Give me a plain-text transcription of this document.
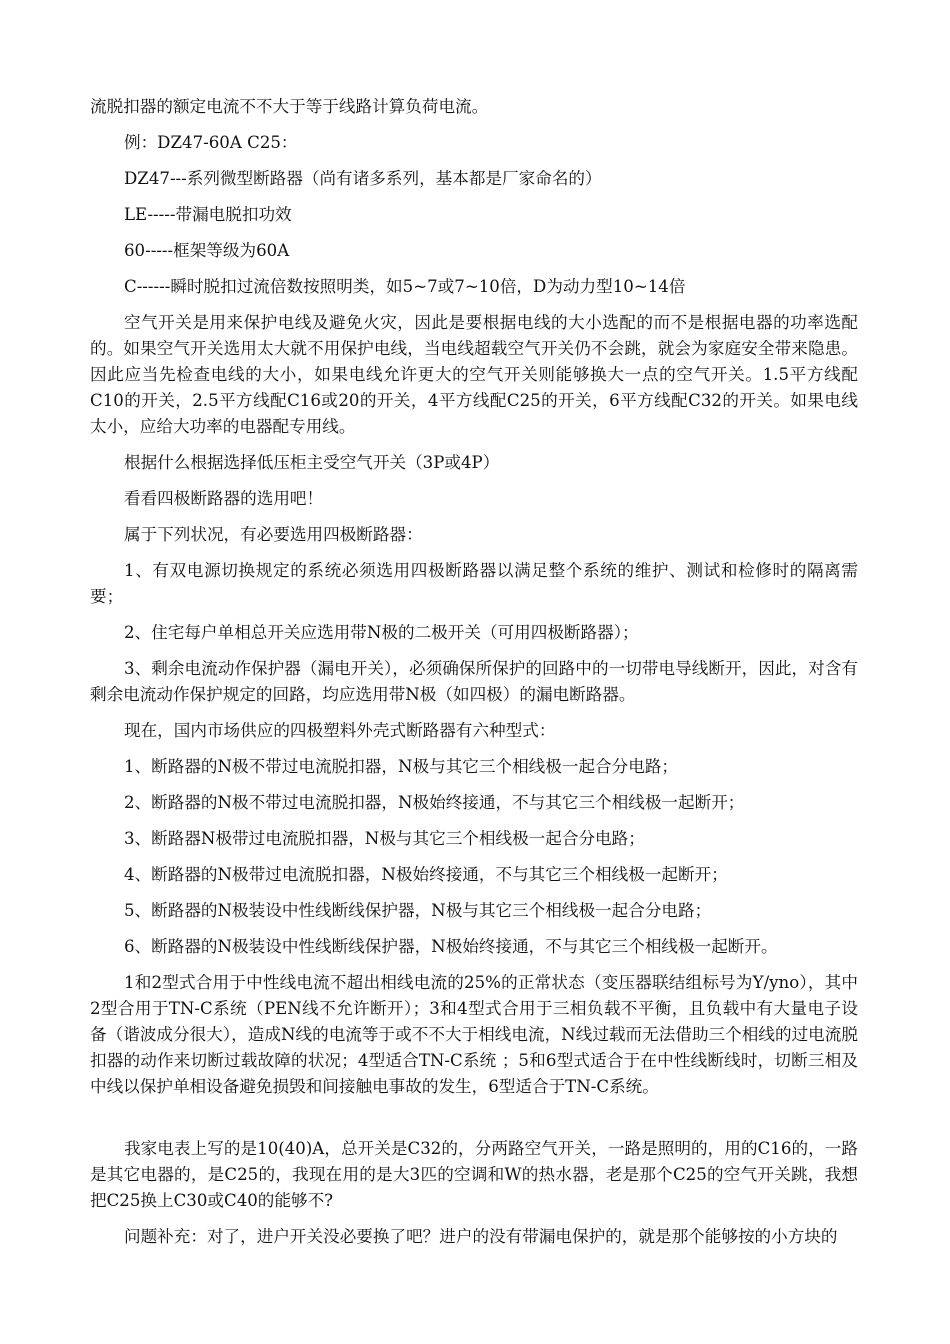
流脱扣器的额定电流不不大于等于线路计算负荷电流。

例：DZ47-60A C25：

DZ47---系列微型断路器（尚有诸多系列，基本都是厂家命名的）

LE-----带漏电脱扣功效

60-----框架等级为60A

C------瞬时脱扣过流倍数按照明类，如5~7或7~10倍，D为动力型10~14倍

空气开关是用来保护电线及避免火灾，因此是要根据电线的大小选配的而不是根据电器的功率选配的。如果空气开关选用太大就不用保护电线，当电线超载空气开关仍不会跳，就会为家庭安全带来隐患。因此应当先检查电线的大小，如果电线允许更大的空气开关则能够换大一点的空气开关。1.5平方线配C10的开关，2.5平方线配C16或20的开关，4平方线配C25的开关，6平方线配C32的开关。如果电线太小，应给大功率的电器配专用线。

根据什么根据选择低压柜主受空气开关（3P或4P）

看看四极断路器的选用吧！

属于下列状况，有必要选用四极断路器：

1、有双电源切换规定的系统必须选用四极断路器以满足整个系统的维护、测试和检修时的隔离需要；

2、住宅每户单相总开关应选用带N极的二极开关（可用四极断路器）；

3、剩余电流动作保护器（漏电开关），必须确保所保护的回路中的一切带电导线断开，因此，对含有剩余电流动作保护规定的回路，均应选用带N极（如四极）的漏电断路器。

现在，国内市场供应的四极塑料外壳式断路器有六种型式：

1、断路器的N极不带过电流脱扣器，N极与其它三个相线极一起合分电路；

2、断路器的N极不带过电流脱扣器，N极始终接通，不与其它三个相线极一起断开；

3、断路器N极带过电流脱扣器，N极与其它三个相线极一起合分电路；

4、断路器的N极带过电流脱扣器，N极始终接通，不与其它三个相线极一起断开；

5、断路器的N极装设中性线断线保护器，N极与其它三个相线极一起合分电路；

6、断路器的N极装设中性线断线保护器，N极始终接通，不与其它三个相线极一起断开。

1和2型式合用于中性线电流不超出相线电流的25%的正常状态（变压器联结组标号为Y/yno），其中2型合用于TN-C系统（PEN线不允许断开）；3和4型式合用于三相负载不平衡，且负载中有大量电子设备（谐波成分很大），造成N线的电流等于或不不大于相线电流，N线过载而无法借助三个相线的过电流脱扣器的动作来切断过载故障的状况；4型适合TN-C系统 ；5和6型式适合于在中性线断线时，切断三相及中线以保护单相设备避免损毁和间接触电事故的发生，6型适合于TN-C系统。

我家电表上写的是10(40)A，总开关是C32的，分两路空气开关，一路是照明的，用的C16的，一路是其它电器的，是C25的，我现在用的是大3匹的空调和W的热水器，老是那个C25的空气开关跳，我想把C25换上C30或C40的能够不?

问题补充：对了，进户开关没必要换了吧？进户的没有带漏电保护的，就是那个能够按的小方块的
